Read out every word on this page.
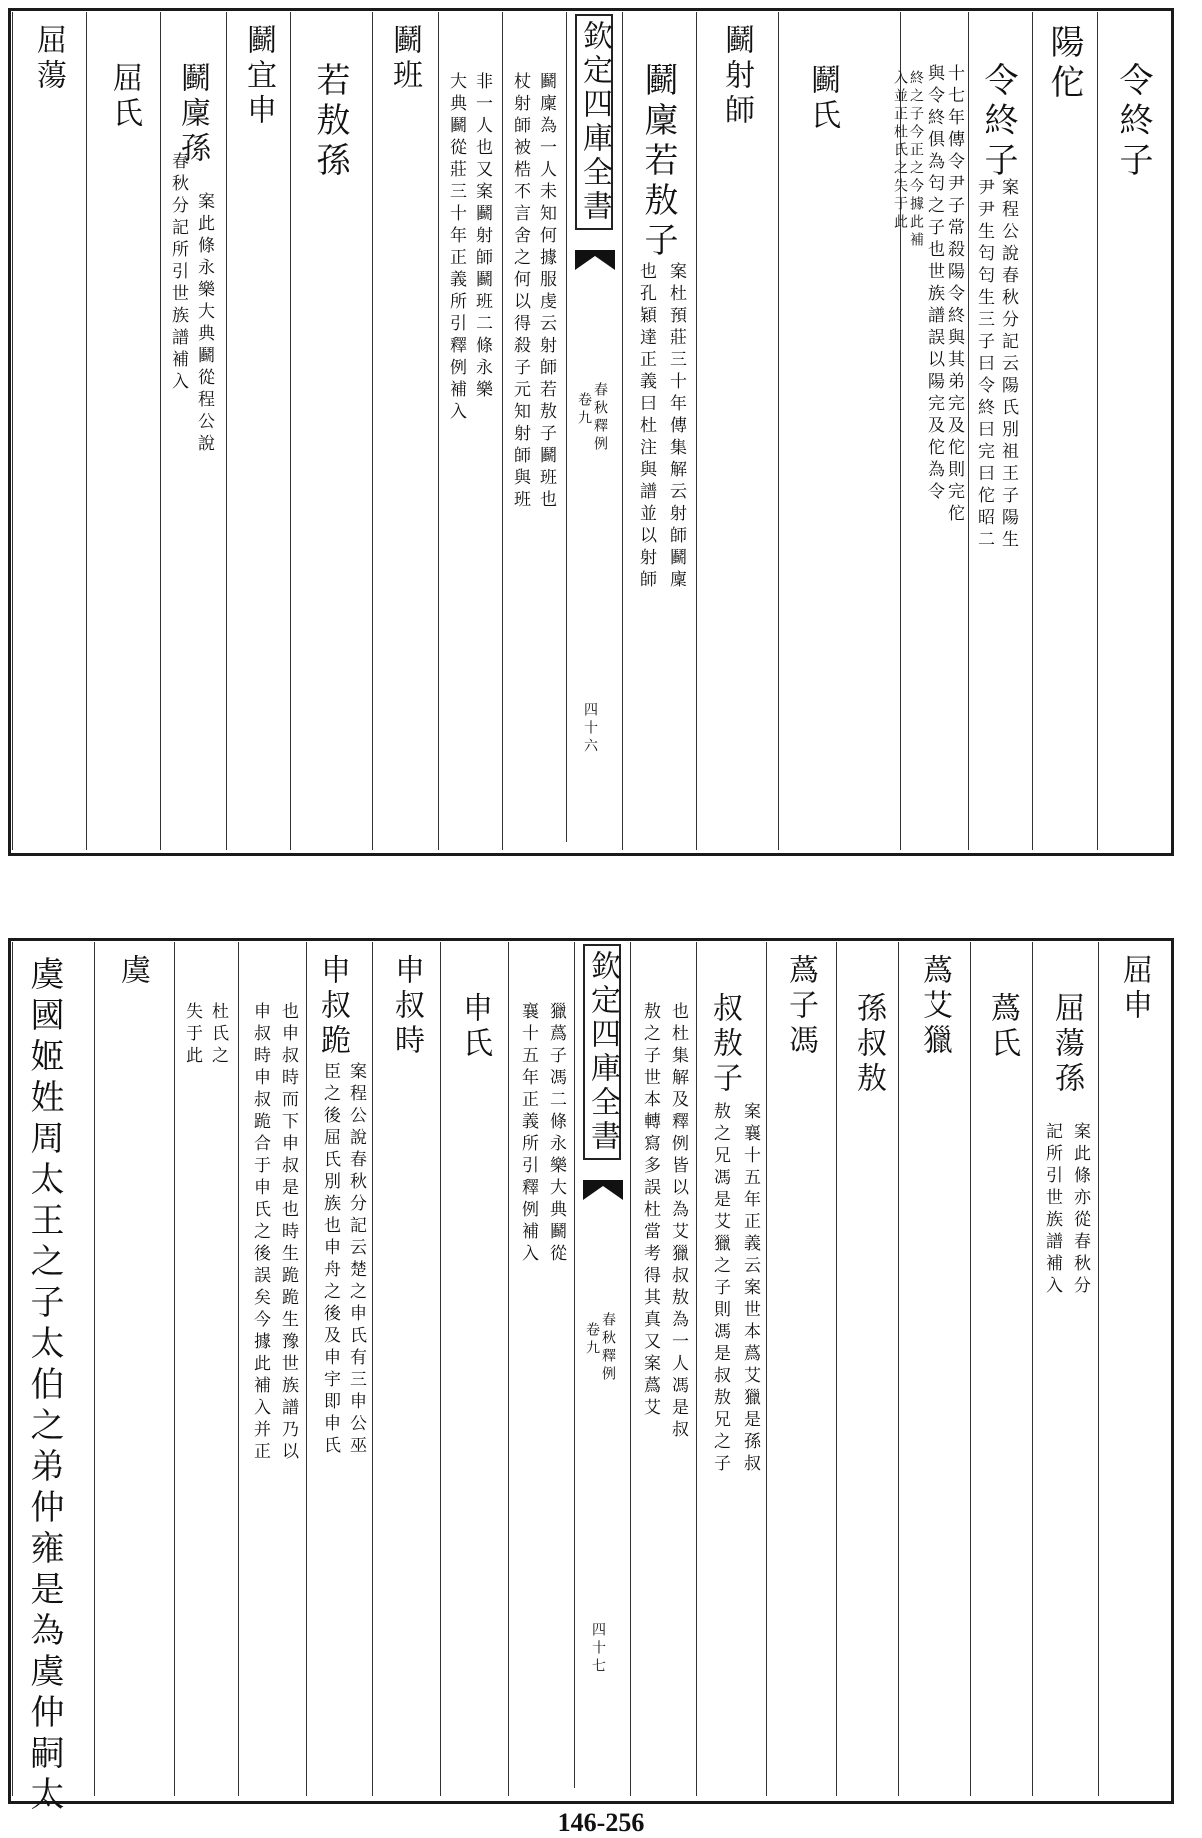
令終子
陽佗
令終子
案程公說春秋分記云陽氏別祖王子陽生
尹尹生匄匄生三子曰令終曰完曰佗昭二
十七年傳令尹子常殺陽令終與其弟完及佗則完佗
與令終俱為匄之子也世族譜誤以陽完及佗為令
終之子今正之今據此補
入並正杜氏之失于此
鬬氏
鬬射師
鬬廩若敖子
案杜預莊三十年傳集解云射師鬬廩
也孔穎達正義曰杜注與譜並以射師
欽定四庫全書
春秋釋例
卷九
四十六
鬬廩為一人未知何據服虔云射師若敖子鬬班也
杖射師被梏不言舍之何以得殺子元知射師與班
非一人也又案鬬射師鬬班二條永樂
大典鬬從莊三十年正義所引釋例補入
鬬班
若敖孫
鬬宜申
鬬廩孫
案此條永樂大典鬬從程公說
春秋分記所引世族譜補入
屈氏
屈蕩
屈申
屈蕩孫
案此條亦從春秋分
記所引世族譜補入
蔿氏
蔿艾獵
孫叔敖
蔿子馮
叔敖子
案襄十五年正義云案世本蔿艾獵是孫叔
敖之兄馮是艾獵之子則馮是叔敖兄之子
也杜集解及釋例皆以為艾獵叔敖為一人馮是叔
敖之子世本轉寫多誤杜當考得其真又案蔿艾
欽定四庫全書
春秋釋例
卷九
四十七
獵蔿子馮二條永樂大典鬬從
襄十五年正義所引釋例補入
申氏
申叔時
申叔跪
案程公說春秋分記云楚之申氏有三申公巫
臣之後屈氏別族也申舟之後及申宇即申氏
也申叔時而下申叔是也時生跪跪生豫世族譜乃以
申叔時申叔跪合于申氏之後誤矣今據此補入并正
杜氏之
失于此
虞
虞國姬姓周太王之子太伯之弟仲雍是為虞仲嗣太
146-256
